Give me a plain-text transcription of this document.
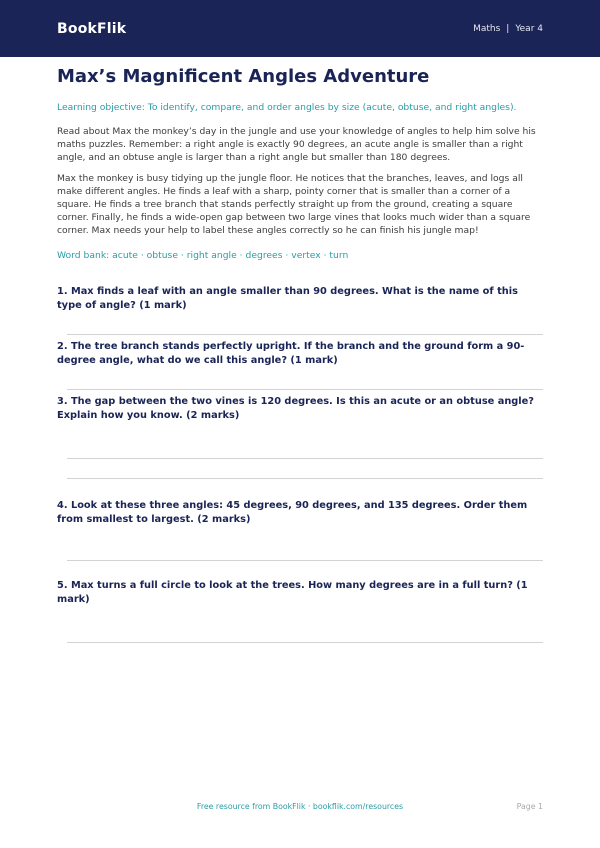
BookFlik	Maths | Year 4
Max’s Magnificent Angles Adventure

Learning objective: To identify, compare, and order angles by size (acute, obtuse, and right angles).

Read about Max the monkey’s day in the jungle and use your knowledge of angles to help him solve his maths puzzles. Remember: a right angle is exactly 90 degrees, an acute angle is smaller than a right angle, and an obtuse angle is larger than a right angle but smaller than 180 degrees.

Max the monkey is busy tidying up the jungle floor. He notices that the branches, leaves, and logs all make different angles. He finds a leaf with a sharp, pointy corner that is smaller than a corner of a square. He finds a tree branch that stands perfectly straight up from the ground, creating a square corner. Finally, he finds a wide-open gap between two large vines that looks much wider than a square corner. Max needs your help to label these angles correctly so he can finish his jungle map!

Word bank: acute · obtuse · right angle · degrees · vertex · turn

1. Max finds a leaf with an angle smaller than 90 degrees. What is the name of this type of angle? (1 mark)

2. The tree branch stands perfectly upright. If the branch and the ground form a 90-degree angle, what do we call this angle? (1 mark)

3. The gap between the two vines is 120 degrees. Is this an acute or an obtuse angle? Explain how you know. (2 marks)

4. Look at these three angles: 45 degrees, 90 degrees, and 135 degrees. Order them from smallest to largest. (2 marks)

5. Max turns a full circle to look at the trees. How many degrees are in a full turn? (1 mark)

Free resource from BookFlik · bookflik.com/resources	Page 1
